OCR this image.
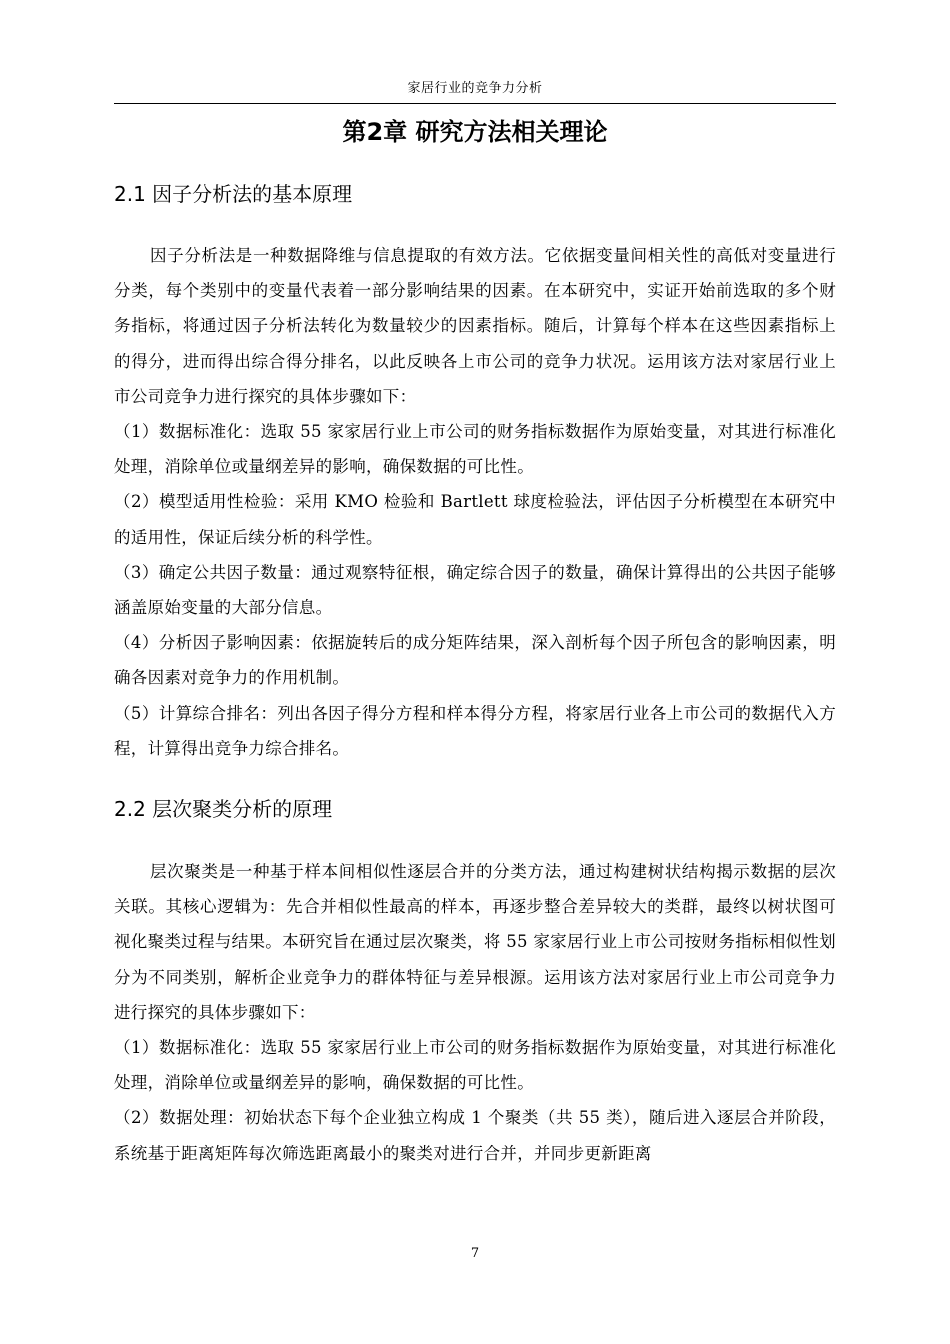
家居行业的竞争力分析
第2章 研究方法相关理论
2.1 因子分析法的基本原理

因子分析法是一种数据降维与信息提取的有效方法。它依据变量间相关性的高低对变量进行分类，每个类别中的变量代表着一部分影响结果的因素。在本研究中，实证开始前选取的多个财务指标，将通过因子分析法转化为数量较少的因素指标。随后，计算每个样本在这些因素指标上的得分，进而得出综合得分排名，以此反映各上市公司的竞争力状况。运用该方法对家居行业上市公司竞争力进行探究的具体步骤如下：

（1）数据标准化：选取 55 家家居行业上市公司的财务指标数据作为原始变量，对其进行标准化处理，消除单位或量纲差异的影响，确保数据的可比性。

（2）模型适用性检验：采用 KMO 检验和 Bartlett 球度检验法，评估因子分析模型在本研究中的适用性，保证后续分析的科学性。

（3）确定公共因子数量：通过观察特征根，确定综合因子的数量，确保计算得出的公共因子能够涵盖原始变量的大部分信息。

（4）分析因子影响因素：依据旋转后的成分矩阵结果，深入剖析每个因子所包含的影响因素，明确各因素对竞争力的作用机制。

（5）计算综合排名：列出各因子得分方程和样本得分方程，将家居行业各上市公司的数据代入方程，计算得出竞争力综合排名。

2.2 层次聚类分析的原理

层次聚类是一种基于样本间相似性逐层合并的分类方法，通过构建树状结构揭示数据的层次关联。其核心逻辑为：先合并相似性最高的样本，再逐步整合差异较大的类群，最终以树状图可视化聚类过程与结果。本研究旨在通过层次聚类，将 55 家家居行业上市公司按财务指标相似性划分为不同类别，解析企业竞争力的群体特征与差异根源。运用该方法对家居行业上市公司竞争力进行探究的具体步骤如下：

（1）数据标准化：选取 55 家家居行业上市公司的财务指标数据作为原始变量，对其进行标准化处理，消除单位或量纲差异的影响，确保数据的可比性。

（2）数据处理：初始状态下每个企业独立构成 1 个聚类（共 55 类），随后进入逐层合并阶段，系统基于距离矩阵每次筛选距离最小的聚类对进行合并，并同步更新距离

7
